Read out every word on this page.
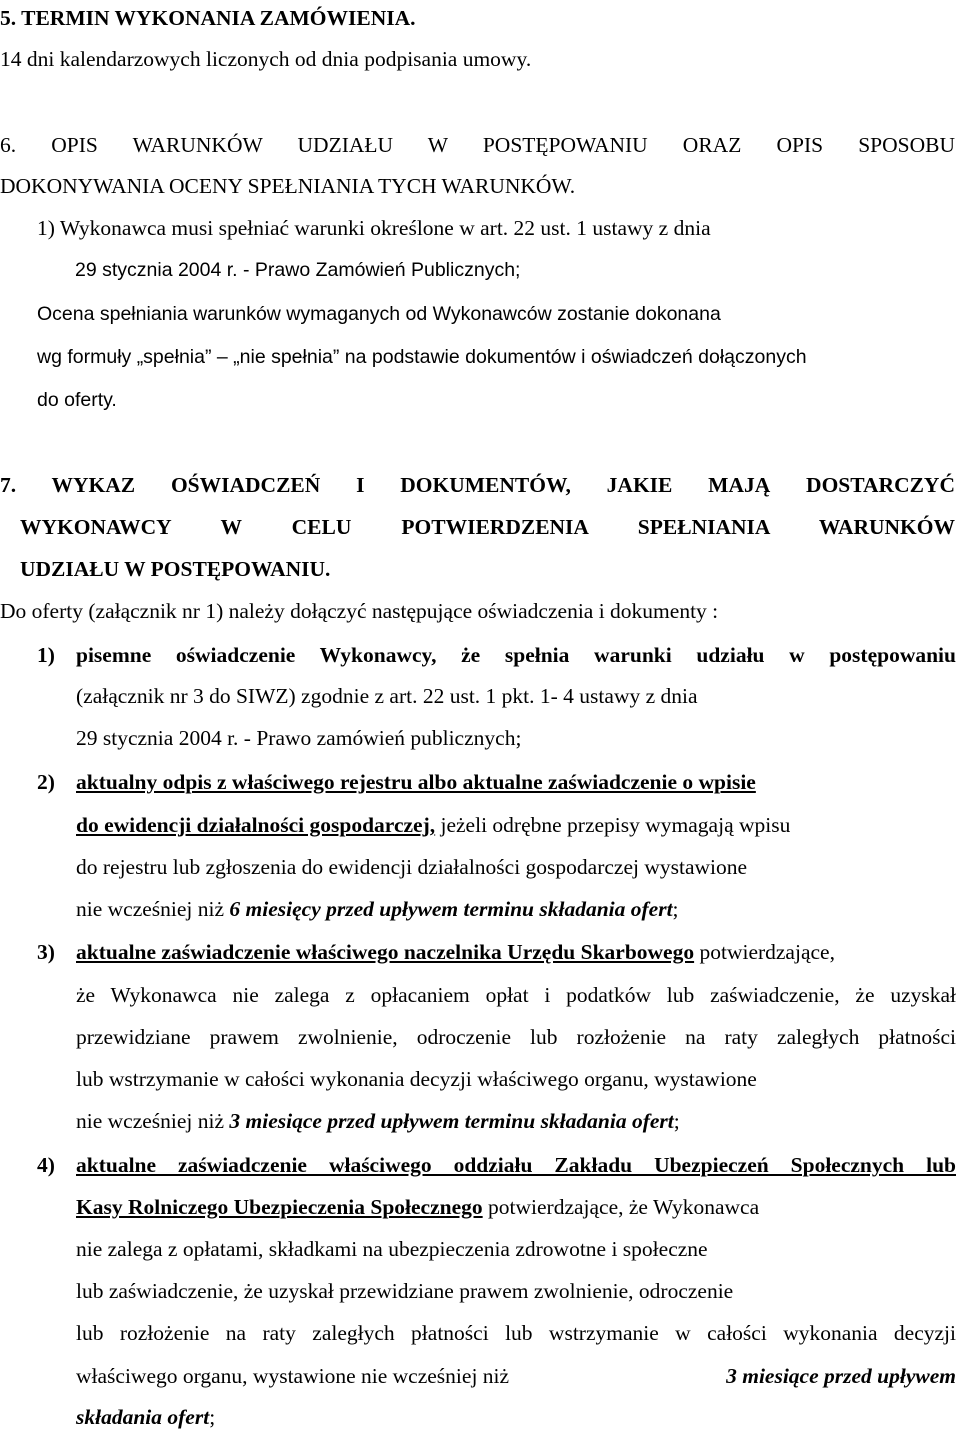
5. TERMIN WYKONANIA ZAMÓWIENIA.
14 dni kalendarzowych liczonych od dnia podpisania umowy.
6. OPIS WARUNKÓW UDZIAŁU W POSTĘPOWANIU ORAZ OPIS SPOSOBU
DOKONYWANIA OCENY SPEŁNIANIA TYCH WARUNKÓW.
1) Wykonawca musi spełniać warunki określone w art. 22 ust. 1 ustawy z dnia
29 stycznia 2004 r. - Prawo Zamówień Publicznych;
Ocena spełniania warunków wymaganych od Wykonawców zostanie dokonana
wg formuły „spełnia” – „nie spełnia” na podstawie dokumentów i oświadczeń dołączonych
do oferty.
7. WYKAZ OŚWIADCZEŃ I DOKUMENTÓW, JAKIE MAJĄ DOSTARCZYĆ
WYKONAWCY W CELU POTWIERDZENIA SPEŁNIANIA WARUNKÓW
UDZIAŁU W POSTĘPOWANIU.
Do oferty (załącznik nr 1) należy dołączyć następujące oświadczenia i dokumenty :
1) pisemne oświadczenie Wykonawcy, że spełnia warunki udziału w postępowaniu
(załącznik nr 3 do SIWZ) zgodnie z art. 22 ust. 1 pkt. 1- 4 ustawy z dnia
29 stycznia 2004 r. - Prawo zamówień publicznych;
2) aktualny odpis z właściwego rejestru albo aktualne zaświadczenie o wpisie
do ewidencji działalności gospodarczej, jeżeli odrębne przepisy wymagają wpisu
do rejestru lub zgłoszenia do ewidencji działalności gospodarczej wystawione
nie wcześniej niż 6 miesięcy przed upływem terminu składania ofert;
3) aktualne zaświadczenie właściwego naczelnika Urzędu Skarbowego potwierdzające,
że Wykonawca nie zalega z opłacaniem opłat i podatków lub zaświadczenie, że uzyskał
przewidziane prawem zwolnienie, odroczenie lub rozłożenie na raty zaległych płatności
lub wstrzymanie w całości wykonania decyzji właściwego organu, wystawione
nie wcześniej niż 3 miesiące przed upływem terminu składania ofert;
4) aktualne zaświadczenie właściwego oddziału Zakładu Ubezpieczeń Społecznych lub
Kasy Rolniczego Ubezpieczenia Społecznego potwierdzające, że Wykonawca
nie zalega z opłatami, składkami na ubezpieczenia zdrowotne i społeczne
lub zaświadczenie, że uzyskał przewidziane prawem zwolnienie, odroczenie
lub rozłożenie na raty zaległych płatności lub wstrzymanie w całości wykonania decyzji
właściwego organu, wystawione nie wcześniej niż	3 miesiące przed upływem
składania ofert;
